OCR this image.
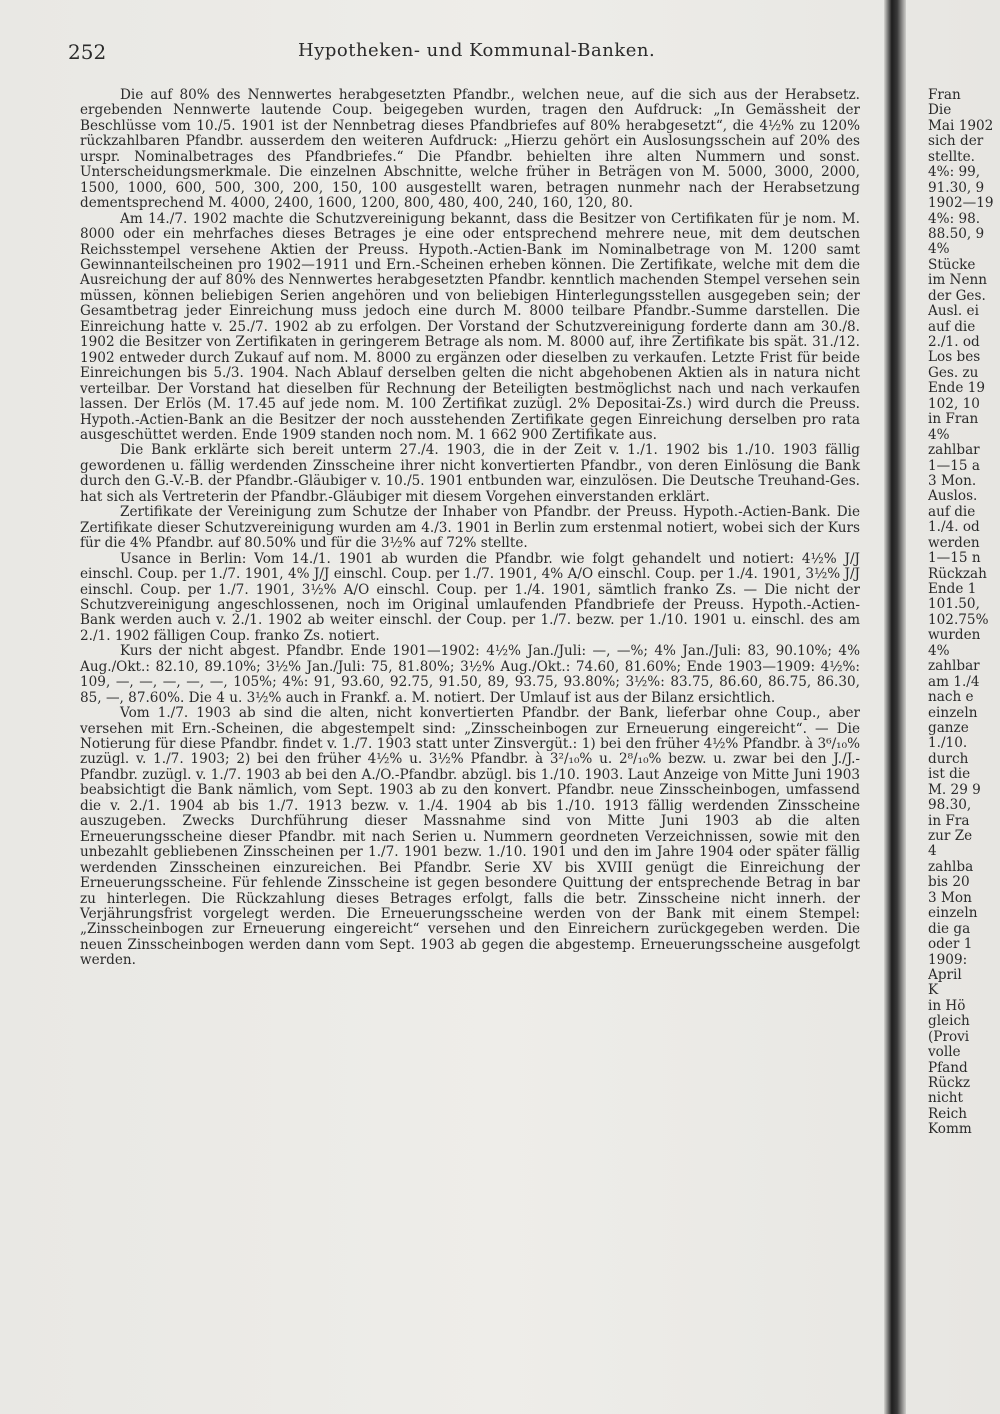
252	Hypotheken- und Kommunal-Banken.

Die auf 80% des Nennwertes herabgesetzten Pfandbr., welchen neue, auf die sich aus der Herabsetz. ergebenden Nennwerte lautende Coup. beigegeben wurden, tragen den Aufdruck: „In Gemässheit der Beschlüsse vom 10./5. 1901 ist der Nennbetrag dieses Pfandbriefes auf 80% herabgesetzt“, die 4½% zu 120% rückzahlbaren Pfandbr. ausserdem den weiteren Aufdruck: „Hierzu gehört ein Auslosungsschein auf 20% des urspr. Nominalbetrages des Pfandbriefes.“ Die Pfandbr. behielten ihre alten Nummern und sonst. Unterscheidungsmerkmale. Die einzelnen Abschnitte, welche früher in Beträgen von M. 5000, 3000, 2000, 1500, 1000, 600, 500, 300, 200, 150, 100 ausgestellt waren, betragen nunmehr nach der Herabsetzung dementsprechend M. 4000, 2400, 1600, 1200, 800, 480, 400, 240, 160, 120, 80.

Am 14./7. 1902 machte die Schutzvereinigung bekannt, dass die Besitzer von Certifikaten für je nom. M. 8000 oder ein mehrfaches dieses Betrages je eine oder entsprechend mehrere neue, mit dem deutschen Reichsstempel versehene Aktien der Preuss. Hypoth.-Actien-Bank im Nominalbetrage von M. 1200 samt Gewinnanteilscheinen pro 1902—1911 und Ern.-Scheinen erheben können. Die Zertifikate, welche mit dem die Ausreichung der auf 80% des Nennwertes herabgesetzten Pfandbr. kenntlich machenden Stempel versehen sein müssen, können beliebigen Serien angehören und von beliebigen Hinterlegungsstellen ausgegeben sein; der Gesamtbetrag jeder Einreichung muss jedoch eine durch M. 8000 teilbare Pfandbr.-Summe darstellen. Die Einreichung hatte v. 25./7. 1902 ab zu erfolgen. Der Vorstand der Schutzvereinigung forderte dann am 30./8. 1902 die Besitzer von Zertifikaten in geringerem Betrage als nom. M. 8000 auf, ihre Zertifikate bis spät. 31./12. 1902 entweder durch Zukauf auf nom. M. 8000 zu ergänzen oder dieselben zu verkaufen. Letzte Frist für beide Einreichungen bis 5./3. 1904. Nach Ablauf derselben gelten die nicht abgehobenen Aktien als in natura nicht verteilbar. Der Vorstand hat dieselben für Rechnung der Beteiligten bestmöglichst nach und nach verkaufen lassen. Der Erlös (M. 17.45 auf jede nom. M. 100 Zertifikat zuzügl. 2% Depositai-Zs.) wird durch die Preuss. Hypoth.-Actien-Bank an die Besitzer der noch ausstehenden Zertifikate gegen Einreichung derselben pro rata ausgeschüttet werden. Ende 1909 standen noch nom. M. 1 662 900 Zertifikate aus.

Die Bank erklärte sich bereit unterm 27./4. 1903, die in der Zeit v. 1./1. 1902 bis 1./10. 1903 fällig gewordenen u. fällig werdenden Zinsscheine ihrer nicht konvertierten Pfandbr., von deren Einlösung die Bank durch den G.-V.-B. der Pfandbr.-Gläubiger v. 10./5. 1901 entbunden war, einzulösen. Die Deutsche Treuhand-Ges. hat sich als Vertreterin der Pfandbr.-Gläubiger mit diesem Vorgehen einverstanden erklärt.

Zertifikate der Vereinigung zum Schutze der Inhaber von Pfandbr. der Preuss. Hypoth.-Actien-Bank. Die Zertifikate dieser Schutzvereinigung wurden am 4./3. 1901 in Berlin zum erstenmal notiert, wobei sich der Kurs für die 4% Pfandbr. auf 80.50% und für die 3½% auf 72% stellte.

Usance in Berlin: Vom 14./1. 1901 ab wurden die Pfandbr. wie folgt gehandelt und notiert: 4½% J/J einschl. Coup. per 1./7. 1901, 4% J/J einschl. Coup. per 1./7. 1901, 4% A/O einschl. Coup. per 1./4. 1901, 3½% J/J einschl. Coup. per 1./7. 1901, 3½% A/O einschl. Coup. per 1./4. 1901, sämtlich franko Zs. — Die nicht der Schutzvereinigung angeschlossenen, noch im Original umlaufenden Pfandbriefe der Preuss. Hypoth.-Actien-Bank werden auch v. 2./1. 1902 ab weiter einschl. der Coup. per 1./7. bezw. per 1./10. 1901 u. einschl. des am 2./1. 1902 fälligen Coup. franko Zs. notiert.

Kurs der nicht abgest. Pfandbr. Ende 1901—1902: 4½% Jan./Juli: —, —%; 4% Jan./Juli: 83, 90.10%; 4% Aug./Okt.: 82.10, 89.10%; 3½% Jan./Juli: 75, 81.80%; 3½% Aug./Okt.: 74.60, 81.60%; Ende 1903—1909: 4½%: 109, —, —, —, —, —, 105%; 4%: 91, 93.60, 92.75, 91.50, 89, 93.75, 93.80%; 3½%: 83.75, 86.60, 86.75, 86.30, 85, —, 87.60%. Die 4 u. 3½% auch in Frankf. a. M. notiert. Der Umlauf ist aus der Bilanz ersichtlich.

Vom 1./7. 1903 ab sind die alten, nicht konvertierten Pfandbr. der Bank, lieferbar ohne Coup., aber versehen mit Ern.-Scheinen, die abgestempelt sind: „Zinsscheinbogen zur Erneuerung eingereicht“. — Die Notierung für diese Pfandbr. findet v. 1./7. 1903 statt unter Zinsvergüt.: 1) bei den früher 4½% Pfandbr. à 3⁶/₁₀% zuzügl. v. 1./7. 1903; 2) bei den früher 4½% u. 3½% Pfandbr. à 3²/₁₀% u. 2⁸/₁₀% bezw. u. zwar bei den J./J.-Pfandbr. zuzügl. v. 1./7. 1903 ab bei den A./O.-Pfandbr. abzügl. bis 1./10. 1903. Laut Anzeige von Mitte Juni 1903 beabsichtigt die Bank nämlich, vom Sept. 1903 ab zu den konvert. Pfandbr. neue Zinsscheinbogen, umfassend die v. 2./1. 1904 ab bis 1./7. 1913 bezw. v. 1./4. 1904 ab bis 1./10. 1913 fällig werdenden Zinsscheine auszugeben. Zwecks Durchführung dieser Massnahme sind von Mitte Juni 1903 ab die alten Erneuerungsscheine dieser Pfandbr. mit nach Serien u. Nummern geordneten Verzeichnissen, sowie mit den unbezahlt gebliebenen Zinsscheinen per 1./7. 1901 bezw. 1./10. 1901 und den im Jahre 1904 oder später fällig werdenden Zinsscheinen einzureichen. Bei Pfandbr. Serie XV bis XVIII genügt die Einreichung der Erneuerungsscheine. Für fehlende Zinsscheine ist gegen besondere Quittung der entsprechende Betrag in bar zu hinterlegen. Die Rückzahlung dieses Betrages erfolgt, falls die betr. Zinsscheine nicht innerh. der Verjährungsfrist vorgelegt werden. Die Erneuerungsscheine werden von der Bank mit einem Stempel: „Zinsscheinbogen zur Erneuerung eingereicht“ versehen und den Einreichern zurückgegeben werden. Die neuen Zinsscheinbogen werden dann vom Sept. 1903 ab gegen die abgestemp. Erneuerungsscheine ausgefolgt werden.

Fran
Die
Mai 1902
sich der
stellte.
4%: 99,
91.30, 9
1902—19
4%: 98.
88.50, 9
4%
Stücke
im Nenn
der Ges.
Ausl. ei
auf die
2./1. od
Los bes
Ges. zu
Ende 19
102, 10
in Fran
4%
zahlbar
1—15 a
3 Mon.
Auslos.
auf die
1./4. od
werden
1—15 n
Rückzah
Ende 1
101.50,
102.75%
wurden
4%
zahlbar
am 1./4
nach e
einzeln
ganze
1./10.
durch
ist die
M. 29 9
98.30,
in Fra
zur Ze
4
zahlba
bis 20
3 Mon
einzeln
die ga
oder 1
1909:
April
K
in Hö
gleich
(Provi
volle
Pfand
Rückz
nicht
Reich
Komm
